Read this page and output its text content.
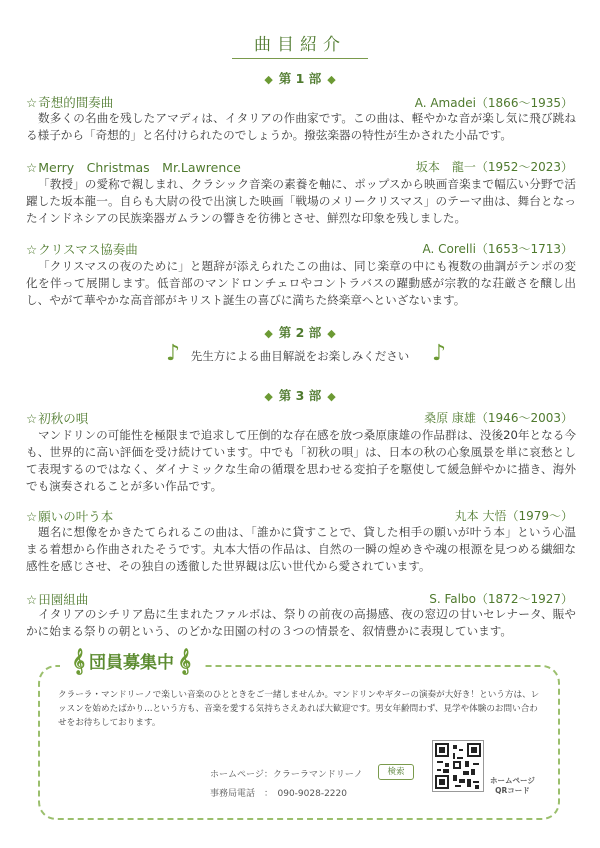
曲目紹介
◆ 第 1 部 ◆
☆奇想的間奏曲	A. Amadei（1866～1935）
数多くの名曲を残したアマディは、イタリアの作曲家です。この曲は、軽やかな音が楽し気に飛び跳ねる様子から「奇想的」と名付けられたのでしょうか。撥弦楽器の特性が生かされた小品です。
☆Merry　Christmas　Mr.Lawrence	坂本　龍一（1952～2023）
「教授」の愛称で親しまれ、クラシック音楽の素養を軸に、ポップスから映画音楽まで幅広い分野で活躍した坂本龍一。自らも大尉の役で出演した映画「戦場のメリークリスマス」のテーマ曲は、舞台となったインドネシアの民族楽器ガムランの響きを彷彿とさせ、鮮烈な印象を残しました。
☆クリスマス協奏曲	A. Corelli（1653～1713）
「クリスマスの夜のために」と題辞が添えられたこの曲は、同じ楽章の中にも複数の曲調がテンポの変化を伴って展開します。低音部のマンドロンチェロやコントラバスの躍動感が宗教的な荘厳さを醸し出し、やがて華やかな高音部がキリスト誕生の喜びに満ちた終楽章へといざないます。
◆ 第 2 部 ◆
♪ 先生方による曲目解説をお楽しみください	♪
◆ 第 3 部 ◆
☆初秋の唄	桑原 康雄（1946～2003）
マンドリンの可能性を極限まで追求して圧倒的な存在感を放つ桑原康雄の作品群は、没後20年となる今も、世界的に高い評価を受け続けています。中でも「初秋の唄」は、日本の秋の心象風景を単に哀愁として表現するのではなく、ダイナミックな生命の循環を思わせる変拍子を駆使して緩急鮮やかに描き、海外でも演奏されることが多い作品です。
☆願いの叶う本	丸本 大悟（1979～）
題名に想像をかきたてられるこの曲は、「誰かに貸すことで、貸した相手の願いが叶う本」という心温まる着想から作曲されたそうです。丸本大悟の作品は、自然の一瞬の煌めきや魂の根源を見つめる繊細な感性を感じさせ、その独自の透徹した世界観は広い世代から愛されています。
☆田園組曲	S. Falbo（1872～1927）
イタリアのシチリア島に生まれたファルボは、祭りの前夜の高揚感、夜の窓辺の甘いセレナータ、賑やかに始まる祭りの朝という、のどかな田園の村の３つの情景を、叙情豊かに表現しています。
𝄞 団員募集中 𝄞
クラーラ・マンドリーノで楽しい音楽のひとときをご一緒しませんか。マンドリンやギターの演奏が大好き！という方は、レッスンを始めたばかり…という方も、音楽を愛する気持ちさえあれば大歓迎です。男女年齢問わず、見学や体験のお問い合わせをお待ちしております。
ホームページ：クラーラマンドリーノ	検索
事務局電話　：　090-9028-2220
ホームページ
QRコード
